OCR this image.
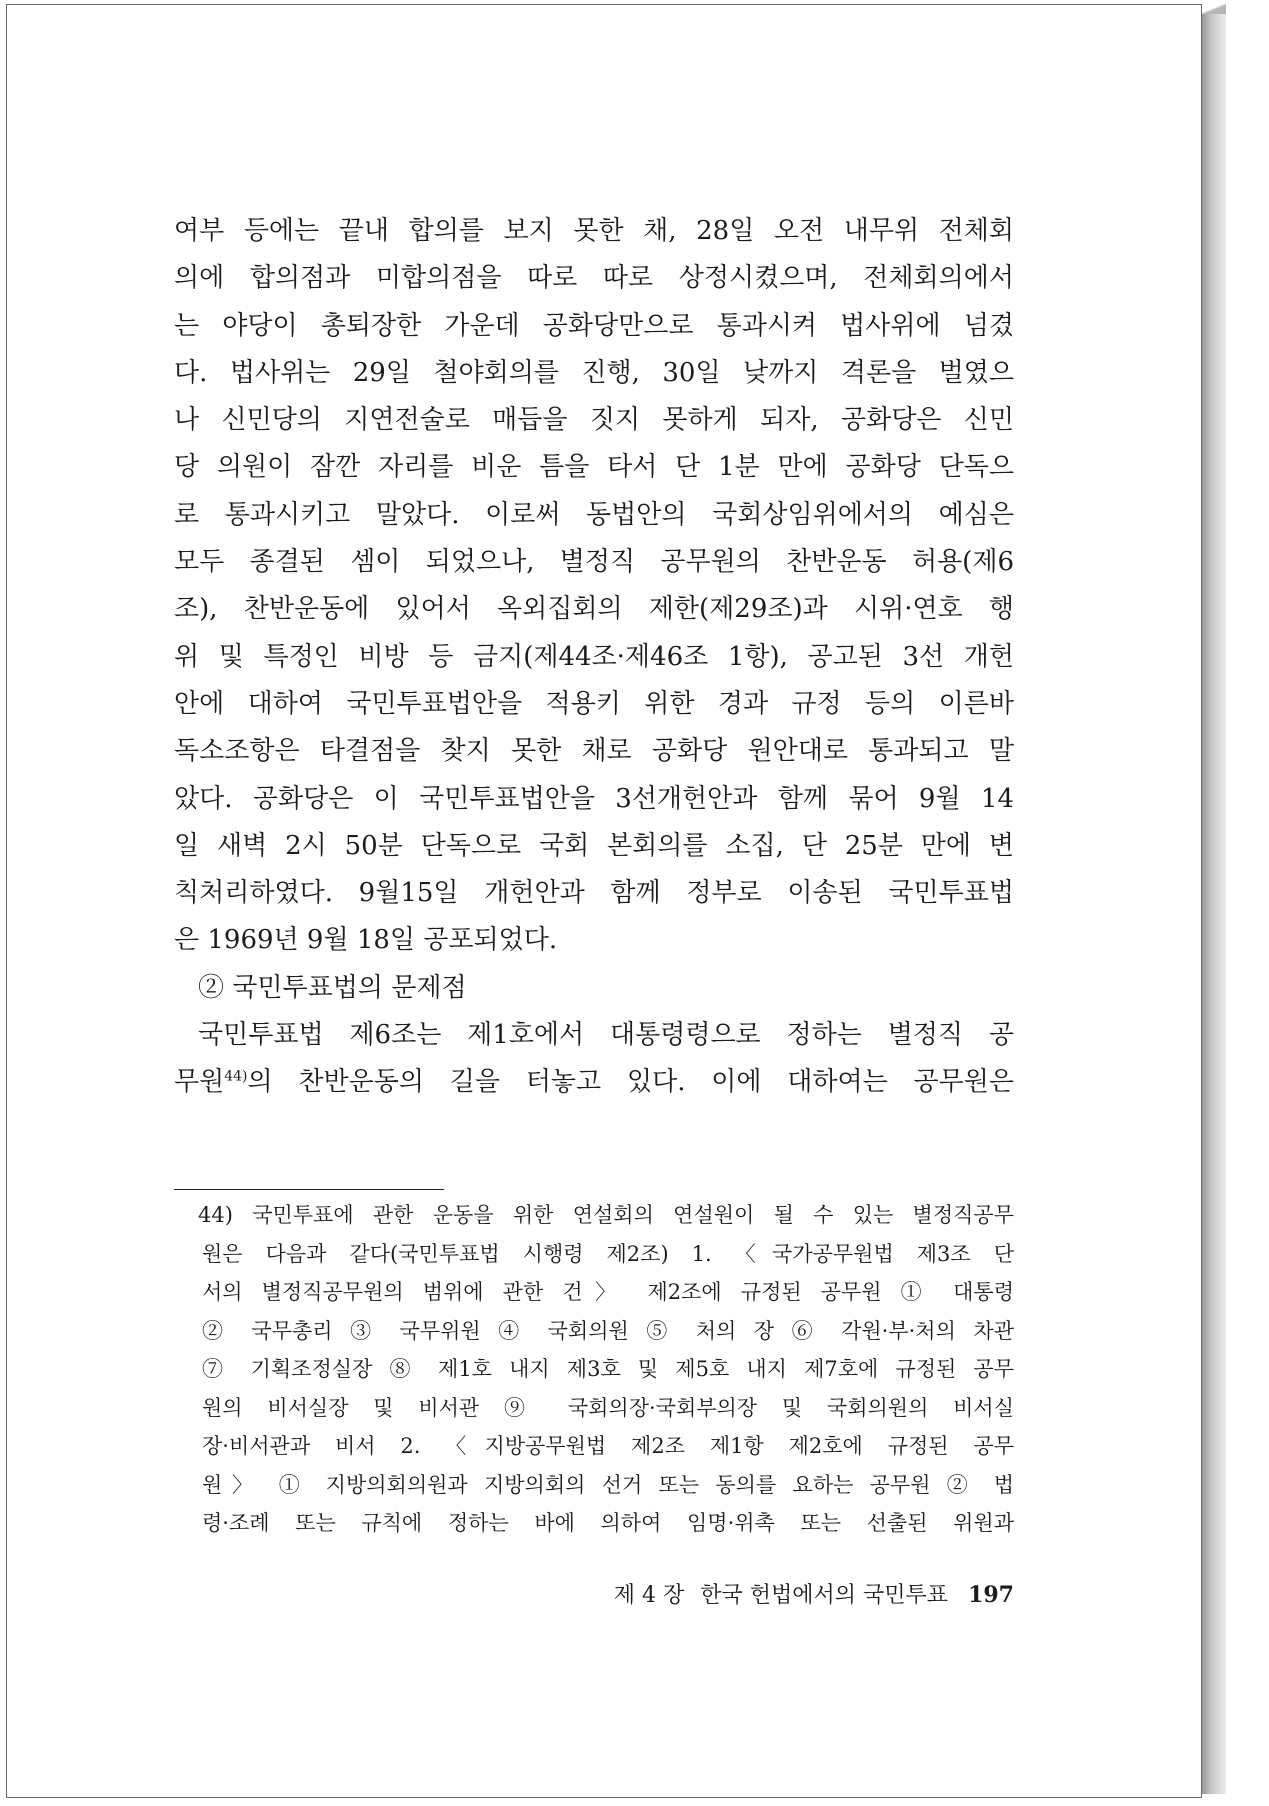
여부 등에는 끝내 합의를 보지 못한 채, 28일 오전 내무위 전체회
의에 합의점과 미합의점을 따로 따로 상정시켰으며, 전체회의에서
는 야당이 총퇴장한 가운데 공화당만으로 통과시켜 법사위에 넘겼
다. 법사위는 29일 철야회의를 진행, 30일 낮까지 격론을 벌였으
나 신민당의 지연전술로 매듭을 짓지 못하게 되자, 공화당은 신민
당 의원이 잠깐 자리를 비운 틈을 타서 단 1분 만에 공화당 단독으
로 통과시키고 말았다. 이로써 동법안의 국회상임위에서의 예심은
모두 종결된 셈이 되었으나, 별정직 공무원의 찬반운동 허용(제6
조), 찬반운동에 있어서 옥외집회의 제한(제29조)과 시위·연호 행
위 및 특정인 비방 등 금지(제44조·제46조 1항), 공고된 3선 개헌
안에 대하여 국민투표법안을 적용키 위한 경과 규정 등의 이른바
독소조항은 타결점을 찾지 못한 채로 공화당 원안대로 통과되고 말
았다. 공화당은 이 국민투표법안을 3선개헌안과 함께 묶어 9월 14
일 새벽 2시 50분 단독으로 국회 본회의를 소집, 단 25분 만에 변
칙처리하였다. 9월15일 개헌안과 함께 정부로 이송된 국민투표법
은 1969년 9월 18일 공포되었다.
② 국민투표법의 문제점
국민투표법 제6조는 제1호에서 대통령령으로 정하는 별정직 공
무원$^{44)}$의 찬반운동의 길을 터놓고 있다. 이에 대하여는 공무원은
44) 국민투표에 관한 운동을 위한 연설회의 연설원이 될 수 있는 별정직공무
원은 다음과 같다(국민투표법 시행령 제2조) 1. 〈국가공무원법 제3조 단
서의 별정직공무원의 범위에 관한 건〉 제2조에 규정된 공무원 ① 대통령
② 국무총리 ③ 국무위원 ④ 국회의원 ⑤ 처의 장 ⑥ 각원·부·처의 차관
⑦ 기획조정실장 ⑧ 제1호 내지 제3호 및 제5호 내지 제7호에 규정된 공무
원의 비서실장 및 비서관 ⑨ 국회의장·국회부의장 및 국회의원의 비서실
장·비서관과 비서 2. 〈지방공무원법 제2조 제1항 제2호에 규정된 공무
원〉 ① 지방의회의원과 지방의회의 선거 또는 동의를 요하는 공무원 ② 법
령·조례 또는 규칙에 정하는 바에 의하여 임명·위촉 또는 선출된 위원과
제 4 장 한국 헌법에서의 국민투표 197
